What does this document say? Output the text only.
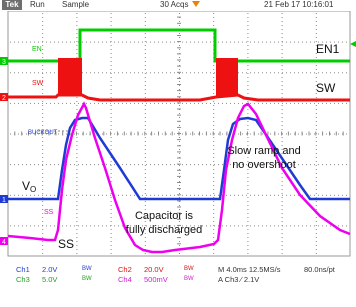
3
2
1
4
EN	EN1
SW	SW
BUCKOUT
VO
SS
SS
Slow ramp and
no overshoot
Capacitor is
fully discharged
Tek	Run	Sample	30 Acqs	21 Feb 17 10:16:01
Ch1 2.0V	BW
Ch3 5.0V	BW
Ch2 20.0V	BW
Ch4 500mV	BW
M 4.0ms 12.5MS/s	80.0ns/pt
A Ch3 ∕ 2.1V
